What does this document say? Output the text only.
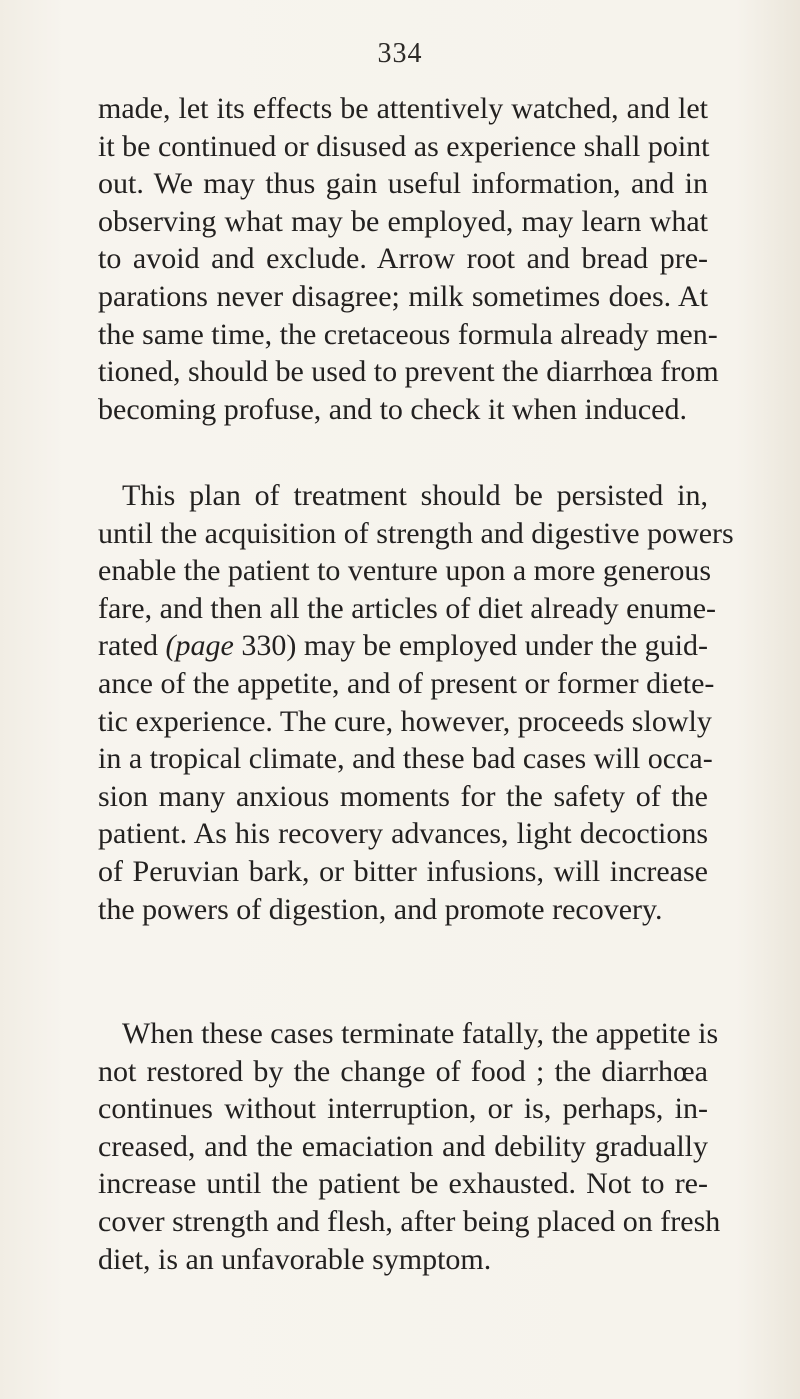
334
made, let its effects be attentively watched, and let
it be continued or disused as experience shall point
out. We may thus gain useful information, and in
observing what may be employed, may learn what
to avoid and exclude. Arrow root and bread pre-
parations never disagree; milk sometimes does. At
the same time, the cretaceous formula already men-
tioned, should be used to prevent the diarrhœa from
becoming profuse, and to check it when induced.
This plan of treatment should be persisted in,
until the acquisition of strength and digestive powers
enable the patient to venture upon a more generous
fare, and then all the articles of diet already enume-
rated (page 330) may be employed under the guid-
ance of the appetite, and of present or former diete-
tic experience. The cure, however, proceeds slowly
in a tropical climate, and these bad cases will occa-
sion many anxious moments for the safety of the
patient. As his recovery advances, light decoctions
of Peruvian bark, or bitter infusions, will increase
the powers of digestion, and promote recovery.
When these cases terminate fatally, the appetite is
not restored by the change of food ; the diarrhœa
continues without interruption, or is, perhaps, in-
creased, and the emaciation and debility gradually
increase until the patient be exhausted. Not to re-
cover strength and flesh, after being placed on fresh
diet, is an unfavorable symptom.
